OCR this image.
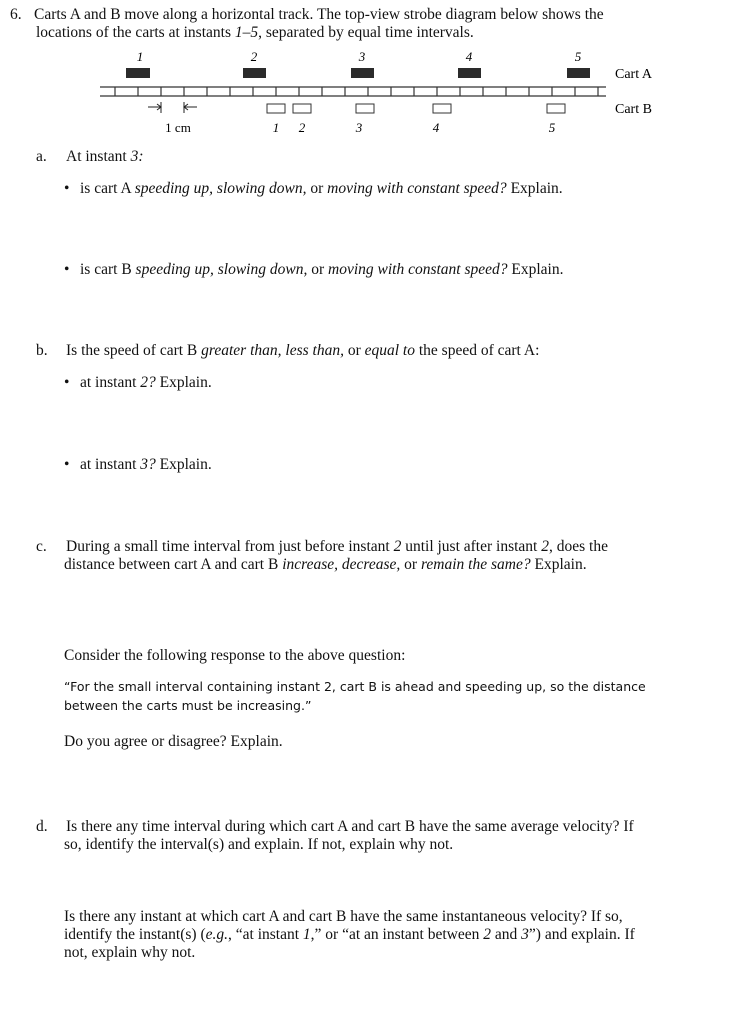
6. Carts A and B move along a horizontal track. The top-view strobe diagram below shows the
locations of the carts at instants 1–5, separated by equal time intervals.
1	2	3	4	5
Cart A
Cart B
1 cm	1 2	3	4	5
a. At instant 3:
• is cart A speeding up, slowing down, or moving with constant speed? Explain.
• is cart B speeding up, slowing down, or moving with constant speed? Explain.
b. Is the speed of cart B greater than, less than, or equal to the speed of cart A:
• at instant 2? Explain.
• at instant 3? Explain.
c. During a small time interval from just before instant 2 until just after instant 2, does the
distance between cart A and cart B increase, decrease, or remain the same? Explain.
Consider the following response to the above question:
“For the small interval containing instant 2, cart B is ahead and speeding up, so the distance
between the carts must be increasing.”
Do you agree or disagree? Explain.
d. Is there any time interval during which cart A and cart B have the same average velocity? If
so, identify the interval(s) and explain. If not, explain why not.
Is there any instant at which cart A and cart B have the same instantaneous velocity? If so,
identify the instant(s) (e.g., “at instant 1,” or “at an instant between 2 and 3”) and explain. If
not, explain why not.
